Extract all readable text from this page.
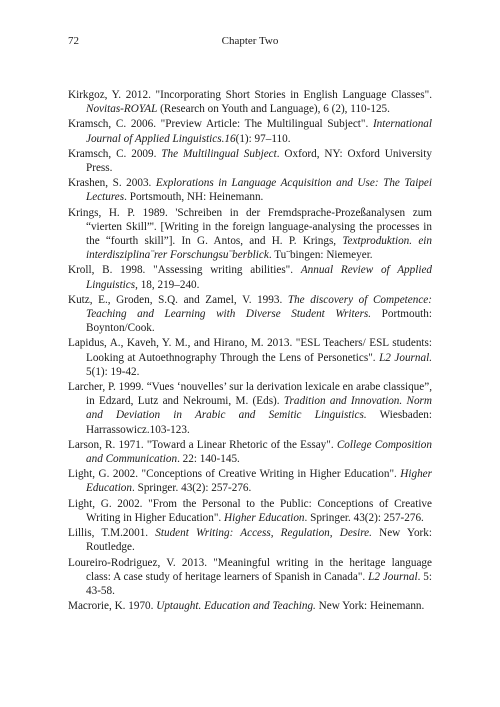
72	Chapter Two

Kirkgoz, Y. 2012. "Incorporating Short Stories in English Language Classes". Novitas-ROYAL (Research on Youth and Language), 6 (2), 110-125.

Kramsch, C. 2006. "Preview Article: The Multilingual Subject". International Journal of Applied Linguistics.16(1): 97–110.

Kramsch, C. 2009. The Multilingual Subject. Oxford, NY: Oxford University Press.

Krashen, S. 2003. Explorations in Language Acquisition and Use: The Taipei Lectures. Portsmouth, NH: Heinemann.

Krings, H. P. 1989. 'Schreiben in der Fremdsprache-Prozeßanalysen zum “vierten Skill”'. [Writing in the foreign language-analysing the processes in the “fourth skill”]. In G. Antos, and H. P. Krings, Textproduktion. ein interdisziplina¨rer Forschungsu¨berblick. Tu¨bingen: Niemeyer.

Kroll, B. 1998. "Assessing writing abilities". Annual Review of Applied Linguistics, 18, 219–240.

Kutz, E., Groden, S.Q. and Zamel, V. 1993. The discovery of Competence: Teaching and Learning with Diverse Student Writers. Portmouth: Boynton/Cook.

Lapidus, A., Kaveh, Y. M., and Hirano, M. 2013. "ESL Teachers/ ESL students: Looking at Autoethnography Through the Lens of Personetics". L2 Journal. 5(1): 19-42.

Larcher, P. 1999. “Vues ‘nouvelles’ sur la derivation lexicale en arabe classique”, in Edzard, Lutz and Nekroumi, M. (Eds). Tradition and Innovation. Norm and Deviation in Arabic and Semitic Linguistics. Wiesbaden: Harrassowicz.103-123.

Larson, R. 1971. "Toward a Linear Rhetoric of the Essay". College Composition and Communication. 22: 140-145.

Light, G. 2002. "Conceptions of Creative Writing in Higher Education". Higher Education. Springer. 43(2): 257-276.

Light, G. 2002. "From the Personal to the Public: Conceptions of Creative Writing in Higher Education". Higher Education. Springer. 43(2): 257-276.

Lillis, T.M.2001. Student Writing: Access, Regulation, Desire. New York: Routledge.

Loureiro-Rodriguez, V. 2013. "Meaningful writing in the heritage language class: A case study of heritage learners of Spanish in Canada". L2 Journal. 5: 43-58.

Macrorie, K. 1970. Uptaught. Education and Teaching. New York: Heinemann.
